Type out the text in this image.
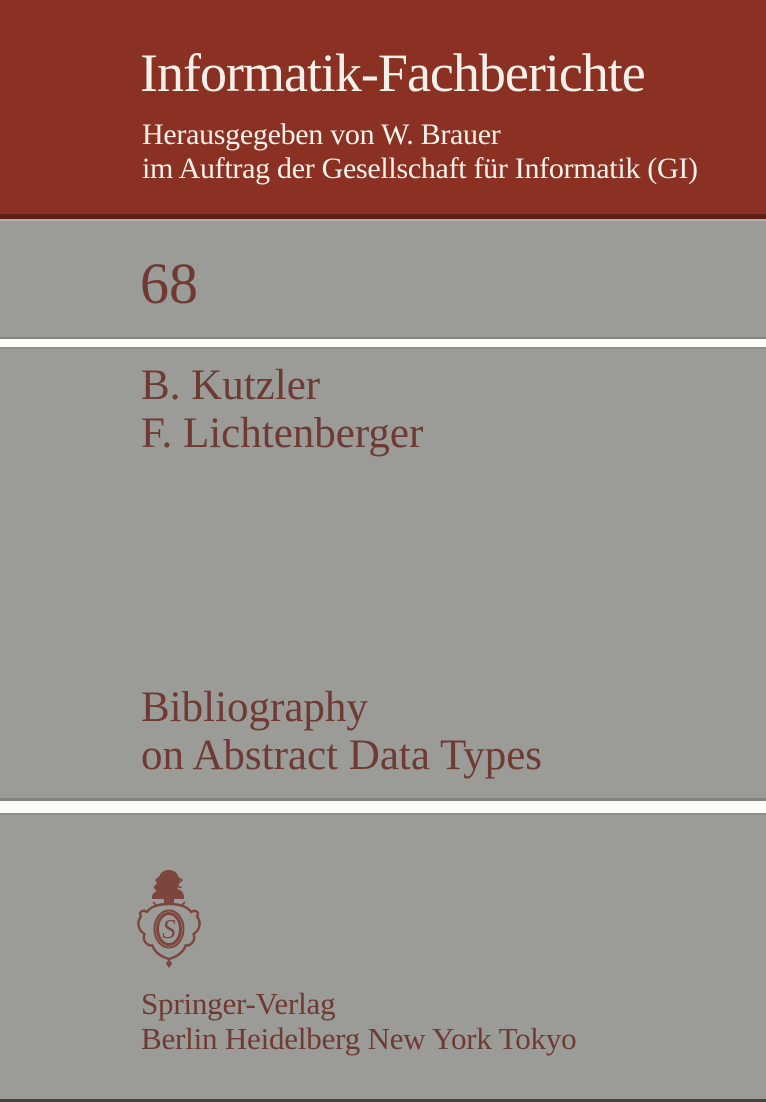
Informatik-Fachberichte
Herausgegeben von W. Brauer
im Auftrag der Gesellschaft für Informatik (GI)
68
B. Kutzler
F. Lichtenberger
Bibliography
on Abstract Data Types
S
Springer-Verlag
Berlin Heidelberg New York Tokyo
